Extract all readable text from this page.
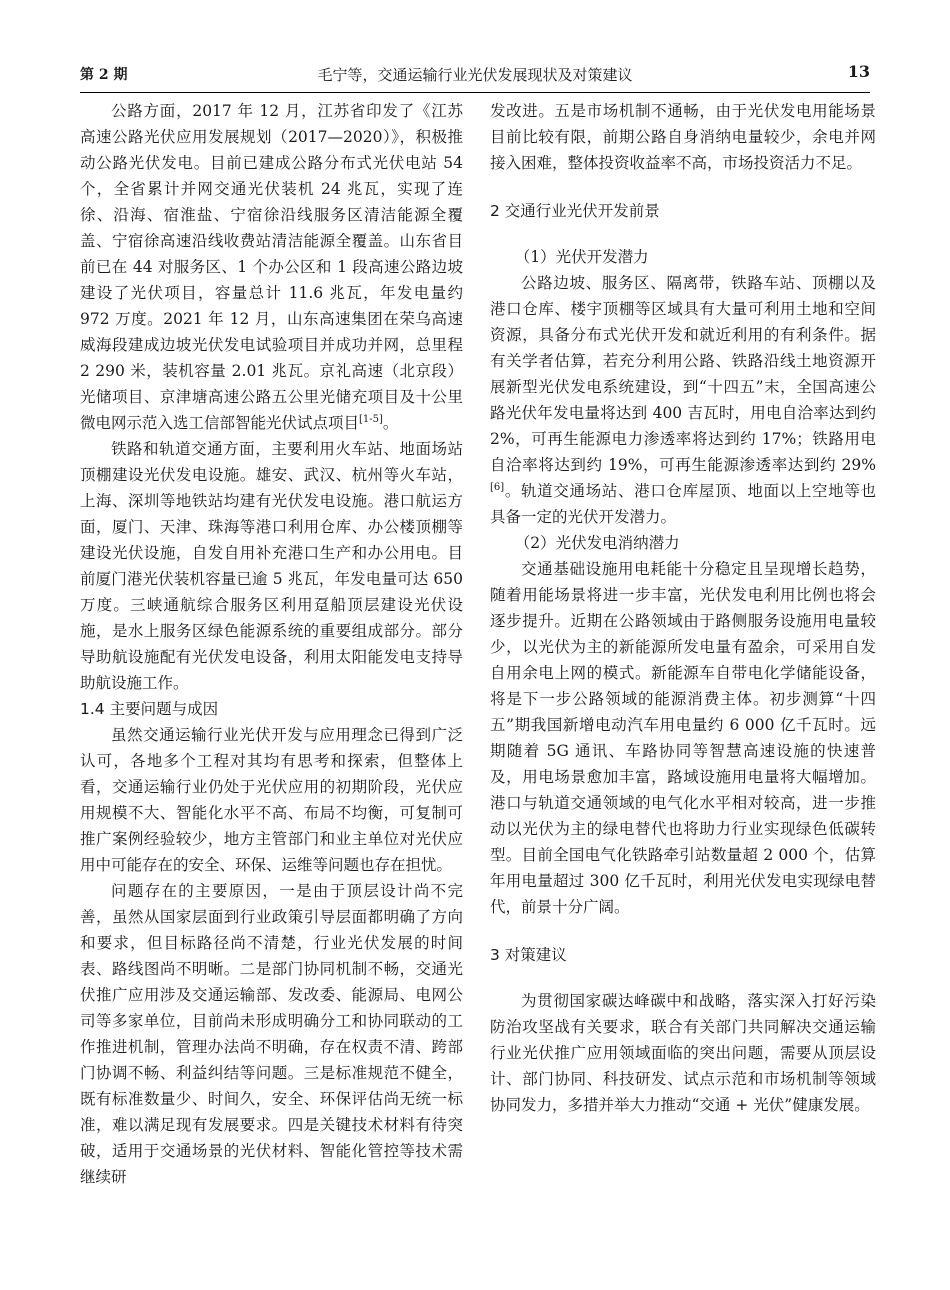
第 2 期	毛宁等，交通运输行业光伏发展现状及对策建议	13

公路方面，2017 年 12 月，江苏省印发了《江苏高速公路光伏应用发展规划（2017—2020）》，积极推动公路光伏发电。目前已建成公路分布式光伏电站 54 个，全省累计并网交通光伏装机 24 兆瓦，实现了连徐、沿海、宿淮盐、宁宿徐沿线服务区清洁能源全覆盖、宁宿徐高速沿线收费站清洁能源全覆盖。山东省目前已在 44 对服务区、1 个办公区和 1 段高速公路边坡建设了光伏项目，容量总计 11.6 兆瓦，年发电量约 972 万度。2021 年 12 月，山东高速集团在荣乌高速威海段建成边坡光伏发电试验项目并成功并网，总里程 2 290 米，装机容量 2.01 兆瓦。京礼高速（北京段）光储项目、京津塘高速公路五公里光储充项目及十公里微电网示范入选工信部智能光伏试点项目[1-5]。

铁路和轨道交通方面，主要利用火车站、地面场站顶棚建设光伏发电设施。雄安、武汉、杭州等火车站，上海、深圳等地铁站均建有光伏发电设施。港口航运方面，厦门、天津、珠海等港口利用仓库、办公楼顶棚等建设光伏设施，自发自用补充港口生产和办公用电。目前厦门港光伏装机容量已逾 5 兆瓦，年发电量可达 650 万度。三峡通航综合服务区利用趸船顶层建设光伏设施，是水上服务区绿色能源系统的重要组成部分。部分导助航设施配有光伏发电设备，利用太阳能发电支持导助航设施工作。

1.4 主要问题与成因

虽然交通运输行业光伏开发与应用理念已得到广泛认可，各地多个工程对其均有思考和探索，但整体上看，交通运输行业仍处于光伏应用的初期阶段，光伏应用规模不大、智能化水平不高、布局不均衡，可复制可推广案例经验较少，地方主管部门和业主单位对光伏应用中可能存在的安全、环保、运维等问题也存在担忧。

问题存在的主要原因，一是由于顶层设计尚不完善，虽然从国家层面到行业政策引导层面都明确了方向和要求，但目标路径尚不清楚，行业光伏发展的时间表、路线图尚不明晰。二是部门协同机制不畅，交通光伏推广应用涉及交通运输部、发改委、能源局、电网公司等多家单位，目前尚未形成明确分工和协同联动的工作推进机制，管理办法尚不明确，存在权责不清、跨部门协调不畅、利益纠结等问题。三是标准规范不健全，既有标准数量少、时间久，安全、环保评估尚无统一标准，难以满足现有发展要求。四是关键技术材料有待突破，适用于交通场景的光伏材料、智能化管控等技术需继续研

发改进。五是市场机制不通畅，由于光伏发电用能场景目前比较有限，前期公路自身消纳电量较少，余电并网接入困难，整体投资收益率不高，市场投资活力不足。

2 交通行业光伏开发前景

（1）光伏开发潜力

公路边坡、服务区、隔离带，铁路车站、顶棚以及港口仓库、楼宇顶棚等区域具有大量可利用土地和空间资源，具备分布式光伏开发和就近利用的有利条件。据有关学者估算，若充分利用公路、铁路沿线土地资源开展新型光伏发电系统建设，到“十四五”末，全国高速公路光伏年发电量将达到 400 吉瓦时，用电自洽率达到约 2%，可再生能源电力渗透率将达到约 17%；铁路用电自洽率将达到约 19%，可再生能源渗透率达到约 29%[6]。轨道交通场站、港口仓库屋顶、地面以上空地等也具备一定的光伏开发潜力。

（2）光伏发电消纳潜力

交通基础设施用电耗能十分稳定且呈现增长趋势，随着用能场景将进一步丰富，光伏发电利用比例也将会逐步提升。近期在公路领域由于路侧服务设施用电量较少，以光伏为主的新能源所发电量有盈余，可采用自发自用余电上网的模式。新能源车自带电化学储能设备，将是下一步公路领域的能源消费主体。初步测算“十四五”期我国新增电动汽车用电量约 6 000 亿千瓦时。远期随着 5G 通讯、车路协同等智慧高速设施的快速普及，用电场景愈加丰富，路域设施用电量将大幅增加。港口与轨道交通领域的电气化水平相对较高，进一步推动以光伏为主的绿电替代也将助力行业实现绿色低碳转型。目前全国电气化铁路牵引站数量超 2 000 个，估算年用电量超过 300 亿千瓦时，利用光伏发电实现绿电替代，前景十分广阔。

3 对策建议

为贯彻国家碳达峰碳中和战略，落实深入打好污染防治攻坚战有关要求，联合有关部门共同解决交通运输行业光伏推广应用领域面临的突出问题，需要从顶层设计、部门协同、科技研发、试点示范和市场机制等领域协同发力，多措并举大力推动“交通 + 光伏”健康发展。
